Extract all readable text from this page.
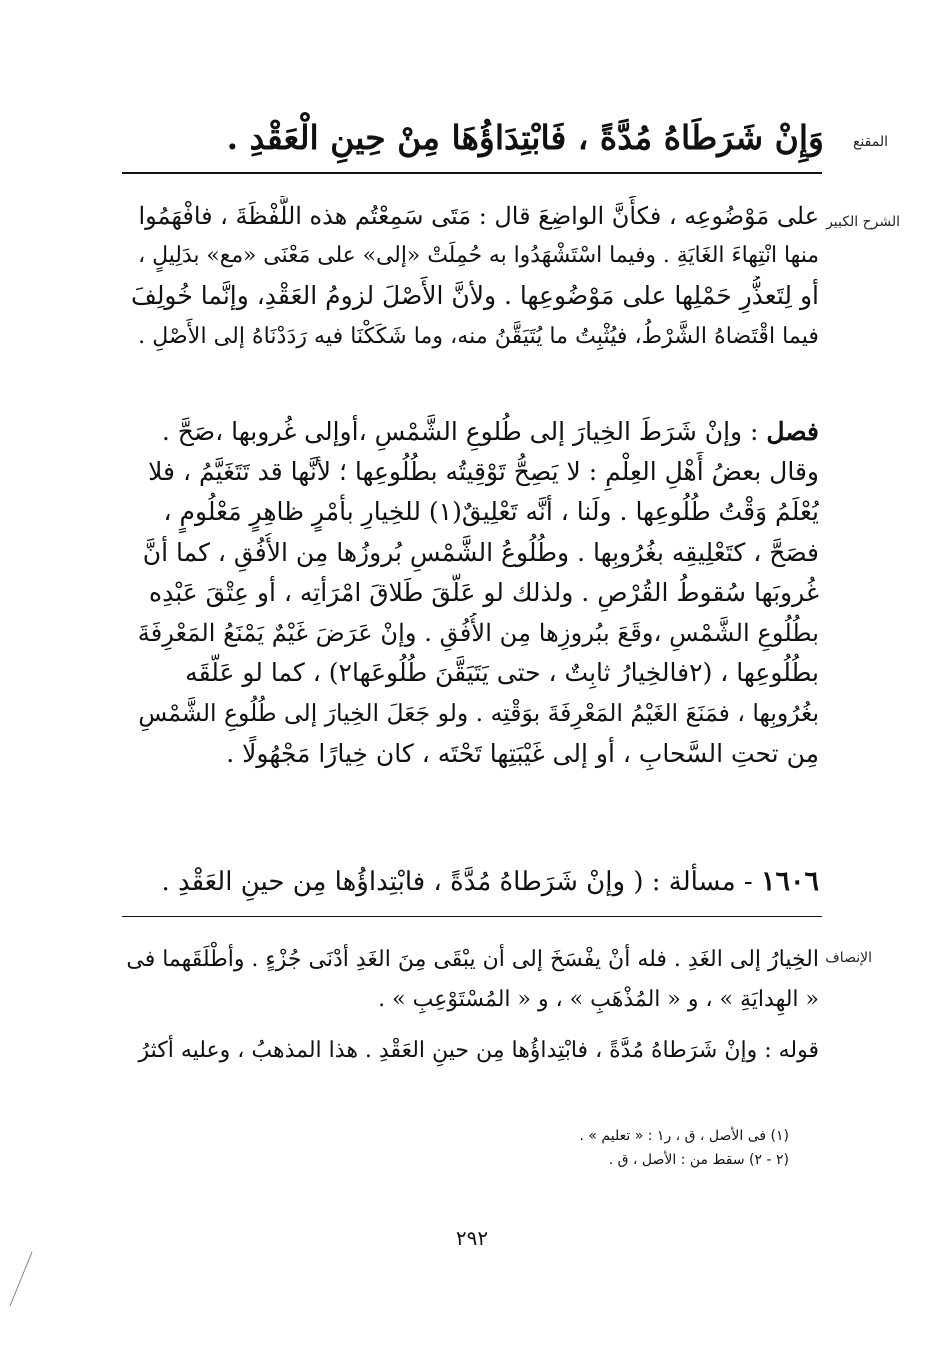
المقنع
وَإِنْ شَرَطَاهُ مُدَّةً ، فَابْتِدَاؤُهَا مِنْ حِينِ الْعَقْدِ .
الشرح الكبير
على مَوْضُوعِه ، فكأَنَّ الواضِعَ قال : مَتَى سَمِعْتُم هذه اللَّفْظَةَ ، فافْهَمُوا
منها انْتِهاءَ الغَايَةِ . وفيما اسْتَشْهَدُوا به حُمِلَتْ «إلى» على مَعْنَى «مع» بدَلِيلٍ ،
أو لِتَعذُّرِ حَمْلِها على مَوْضُوعِها . ولأنَّ الأَصْلَ لزومُ العَقْدِ، وإنَّما خُولِفَ
فيما اقْتَضاهُ الشَّرْطُ، فيُثْبِتُ ما يُتَيَقَّنُ منه، وما شَكَكْنَا فيه رَدَدْنَاهُ إلى الأَصْلِ .
فصل : وإنْ شَرَطَ الخِيارَ إلى طُلوعِ الشَّمْسِ ،أوإلى غُروبها ،صَحَّ .
وقال بعضُ أَهْلِ العِلْمِ : لا يَصِحُّ تَوْقِيتُه بطُلُوعِها ؛ لأنَّها قد تَتَغَيَّمُ ، فلا
يُعْلَمُ وَقْتُ طُلُوعِها . ولَنا ، أنَّه تَعْلِيقٌ(١) للخِيارِ بأمْرٍ ظاهِرٍ مَعْلُومٍ ،
فصَحَّ ، كتَعْلِيقِه بغُرُوبِها . وطُلُوعُ الشَّمْسِ بُروزُها مِن الأُفُقِ ، كما أنَّ
غُروبَها سُقوطُ القُرْصِ . ولذلك لو عَلَّقَ طَلاقَ امْرَأتِه ، أو عِتْقَ عَبْدِه
بطُلُوعِ الشَّمْسِ ،وقَعَ ببُروزِها مِن الأُفُقِ . وإنْ عَرَضَ غَيْمٌ يَمْنَعُ المَعْرِفَةَ
بطُلُوعِها ، (٢فالخِيارُ ثابِتٌ ، حتى يَتَيَقَّنَ طُلُوعَها٢) ، كما لو عَلَّقَه
بغُرُوبِها ، فمَنَعَ الغَيْمُ المَعْرِفَةَ بوَقْتِه . ولو جَعَلَ الخِيارَ إلى طُلُوعِ الشَّمْسِ
مِن تحتِ السَّحابِ ، أو إلى غَيْبَتِها تَحْتَه ، كان خِيارًا مَجْهُولًا .
١٦٠٦ - مسألة : ( وإنْ شَرَطاهُ مُدَّةً ، فابْتِداؤُها مِن حينِ العَقْدِ .
الإنصاف
الخِيارُ إلى الغَدِ . فله أنْ يفْسَخَ إلى أن يبْقَى مِنَ الغَدِ أدْنَى جُزْءٍ . وأطْلَقَهما فى
« الهِدايَةِ » ، و « المُذْهَبِ » ، و « المُسْتَوْعِبِ » .
قوله : وإنْ شَرَطاهُ مُدَّةً ، فابْتِداؤُها مِن حينِ العَقْدِ . هذا المذهبُ ، وعليه أكثرُ
(١) فى الأصل ، ق ، ر١ : « تعليم » .
(٢ - ٢) سقط من : الأصل ، ق .
٢٩٢
